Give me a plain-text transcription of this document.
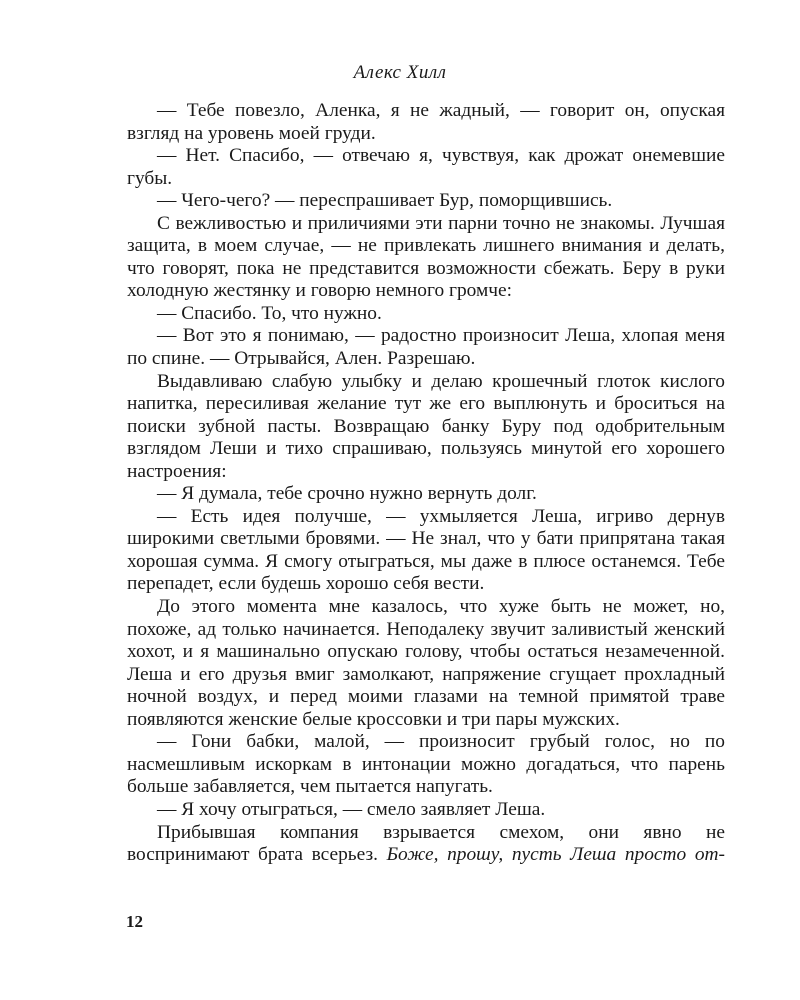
Алекс Хилл

— Тебе повезло, Аленка, я не жадный, — говорит он, опуская взгляд на уровень моей груди.

— Нет. Спасибо, — отвечаю я, чувствуя, как дрожат онемевшие губы.

— Чего-чего? — переспрашивает Бур, поморщившись.

С вежливостью и приличиями эти парни точно не знакомы. Лучшая защита, в моем случае, — не привлекать лишнего внимания и делать, что говорят, пока не представится возможности сбежать. Беру в руки холодную жестянку и говорю немного громче:

— Спасибо. То, что нужно.

— Вот это я понимаю, — радостно произносит Леша, хлопая меня по спине. — Отрывайся, Ален. Разрешаю.

Выдавливаю слабую улыбку и делаю крошечный глоток кислого напитка, пересиливая желание тут же его выплюнуть и броситься на поиски зубной пасты. Возвращаю банку Буру под одобрительным взглядом Леши и тихо спрашиваю, пользуясь минутой его хорошего настроения:

— Я думала, тебе срочно нужно вернуть долг.

— Есть идея получше, — ухмыляется Леша, игриво дернув широкими светлыми бровями. — Не знал, что у бати припрятана такая хорошая сумма. Я смогу отыграться, мы даже в плюсе останемся. Тебе перепадет, если будешь хорошо себя вести.

До этого момента мне казалось, что хуже быть не может, но, похоже, ад только начинается. Неподалеку звучит заливистый женский хохот, и я машинально опускаю голову, чтобы остаться незамеченной. Леша и его друзья вмиг замолкают, напряжение сгущает прохладный ночной воздух, и перед моими глазами на темной примятой траве появляются женские белые кроссовки и три пары мужских.

— Гони бабки, малой, — произносит грубый голос, но по насмешливым искоркам в интонации можно догадаться, что парень больше забавляется, чем пытается напугать.

— Я хочу отыграться, — смело заявляет Леша.

Прибывшая компания взрывается смехом, они явно не воспринимают брата всерьез. Боже, прошу, пусть Леша просто от-

12
